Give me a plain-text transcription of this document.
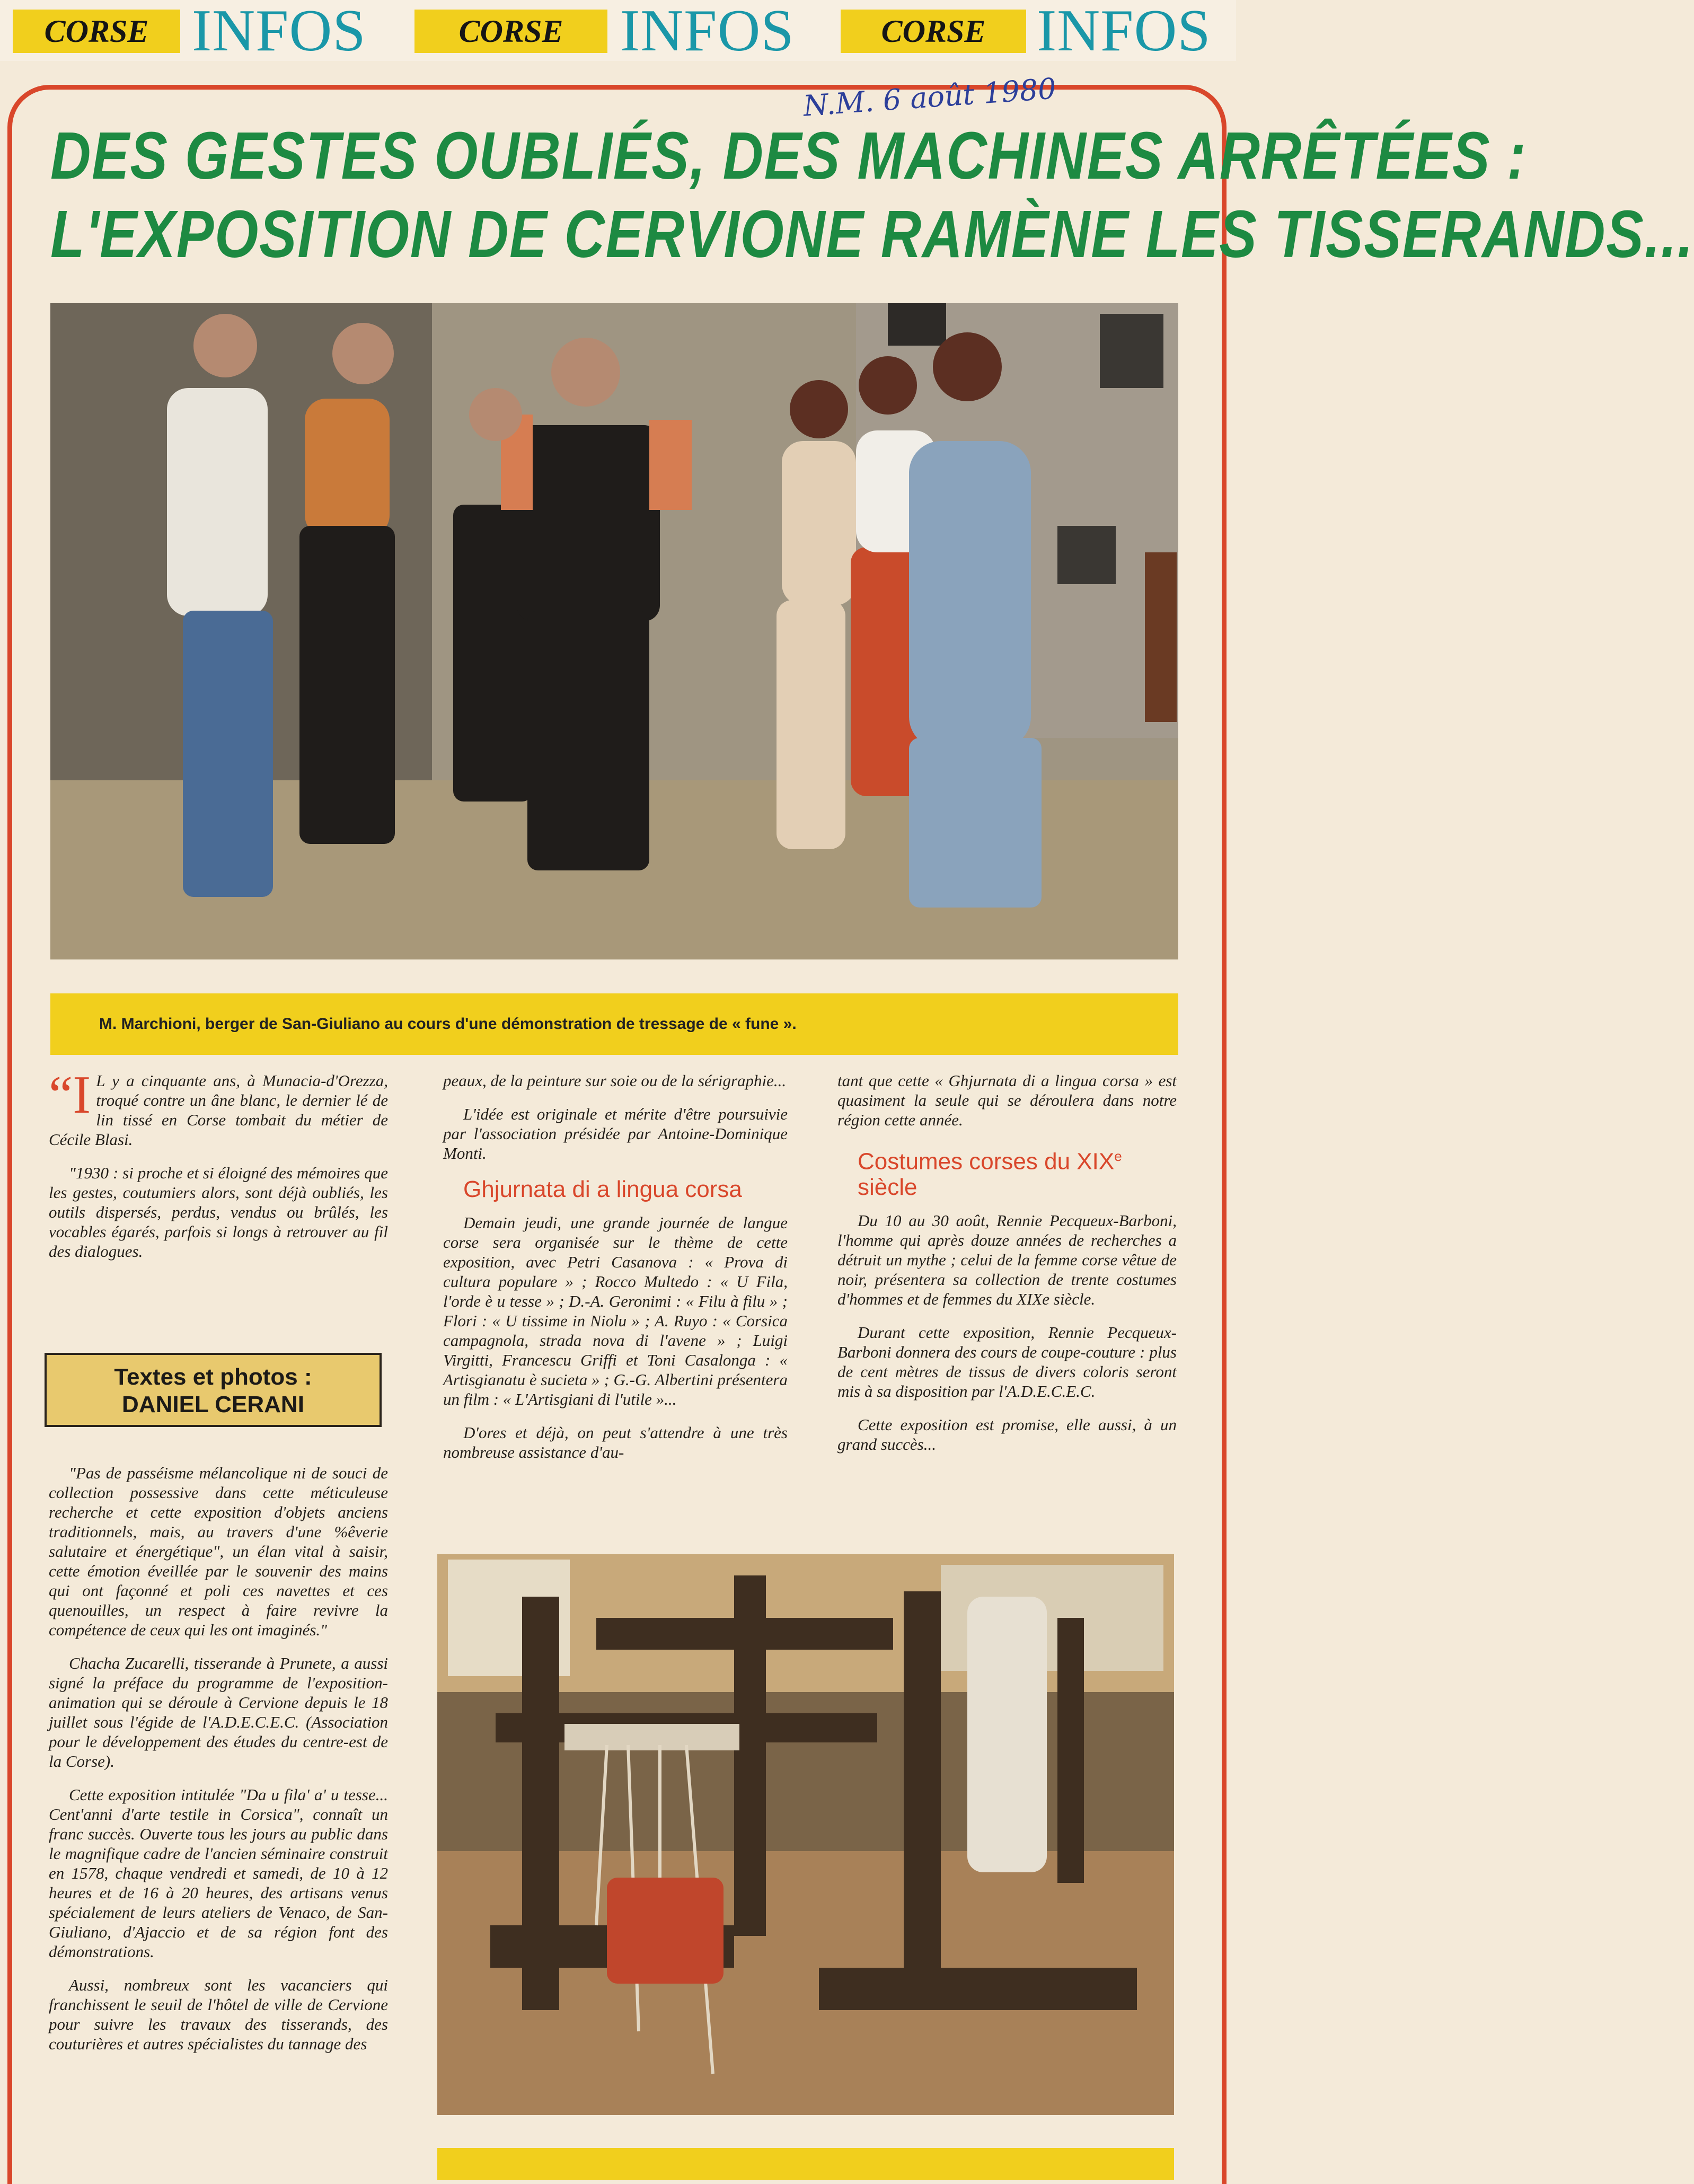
CORSE INFOS	CORSE INFOS	CORSE INFOS
N.M. 6 août 1980
DES GESTES OUBLIÉS, DES MACHINES ARRÊTÉES :
L'EXPOSITION DE CERVIONE RAMÈNE LES TISSERANDS...
M. Marchioni, berger de San-Giuliano au cours d'une démonstration de tressage de « fune ».

“I L y a cinquante ans, à Munacia-d'Orezza, troqué contre un âne blanc, le dernier lé de lin tissé en Corse tombait du métier de Cécile Blasi.

"1930 : si proche et si éloigné des mémoires que les gestes, coutumiers alors, sont déjà oubliés, les outils dispersés, perdus, vendus ou brûlés, les vocables égarés, parfois si longs à retrouver au fil des dialogues.

Textes et photos :
DANIEL CERANI

"Pas de passéisme mélancolique ni de souci de collection possessive dans cette méticuleuse recherche et cette exposition d'objets anciens traditionnels, mais, au travers d'une %êverie salutaire et énergétique", un élan vital à saisir, cette émotion éveillée par le souvenir des mains qui ont façonné et poli ces navettes et ces quenouilles, un respect à faire revivre la compétence de ceux qui les ont imaginés."

Chacha Zucarelli, tisserande à Prunete, a aussi signé la préface du programme de l'exposition-animation qui se déroule à Cervione depuis le 18 juillet sous l'égide de l'A.D.E.C.E.C. (Association pour le développement des études du centre-est de la Corse).

Cette exposition intitulée "Da u fila' a' u tesse... Cent'anni d'arte testile in Corsica", connaît un franc succès. Ouverte tous les jours au public dans le magnifique cadre de l'ancien séminaire construit en 1578, chaque vendredi et samedi, de 10 à 12 heures et de 16 à 20 heures, des artisans venus spécialement de leurs ateliers de Venaco, de San-Giuliano, d'Ajaccio et de sa région font des démonstrations.

Aussi, nombreux sont les vacanciers qui franchissent le seuil de l'hôtel de ville de Cervione pour suivre les travaux des tisserands, des couturières et autres spécialistes du tannage des

peaux, de la peinture sur soie ou de la sérigraphie...

L'idée est originale et mérite d'être poursuivie par l'association présidée par Antoine-Dominique Monti.

Ghjurnata di a lingua corsa

Demain jeudi, une grande journée de langue corse sera organisée sur le thème de cette exposition, avec Petri Casanova : « Prova di cultura populare » ; Rocco Multedo : « U Fila, l'orde è u tesse » ; D.-A. Geronimi : « Filu à filu » ; Flori : « U tissime in Niolu » ; A. Ruyo : « Corsica campagnola, strada nova di l'avene » ; Luigi Virgitti, Francescu Griffi et Toni Casalonga : « Artisgianatu è sucieta » ; G.-G. Albertini présentera un film : « L'Artisgiani di l'utile »...

D'ores et déjà, on peut s'attendre à une très nombreuse assistance d'au-

tant que cette « Ghjurnata di a lingua corsa » est quasiment la seule qui se déroulera dans notre région cette année.

Costumes corses du XIXe siècle

Du 10 au 30 août, Rennie Pecqueux-Barboni, l'homme qui après douze années de recherches a détruit un mythe ; celui de la femme corse vêtue de noir, présentera sa collection de trente costumes d'hommes et de femmes du XIXe siècle.

Durant cette exposition, Rennie Pecqueux-Barboni donnera des cours de coupe-couture : plus de cent mètres de tissus de divers coloris seront mis à sa disposition par l'A.D.E.C.E.C.

Cette exposition est promise, elle aussi, à un grand succès...
